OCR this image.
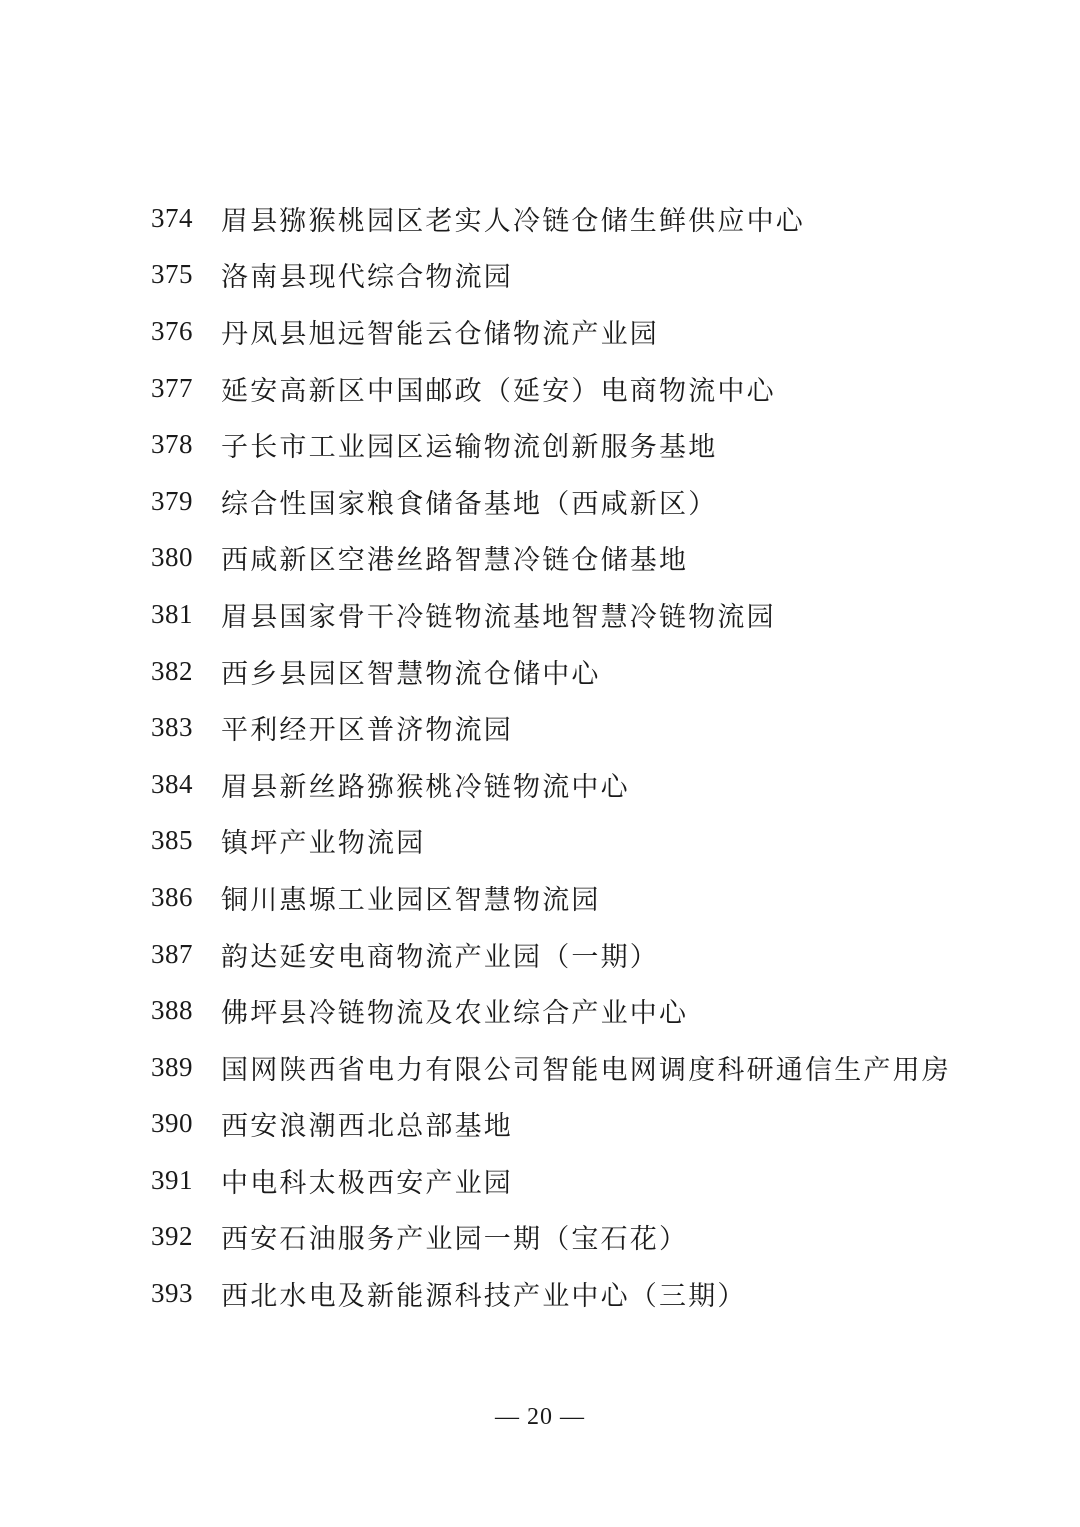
374	眉县猕猴桃园区老实人冷链仓储生鲜供应中心
375	洛南县现代综合物流园
376	丹凤县旭远智能云仓储物流产业园
377	延安高新区中国邮政（延安）电商物流中心
378	子长市工业园区运输物流创新服务基地
379	综合性国家粮食储备基地（西咸新区）
380	西咸新区空港丝路智慧冷链仓储基地
381	眉县国家骨干冷链物流基地智慧冷链物流园
382	西乡县园区智慧物流仓储中心
383	平利经开区普济物流园
384	眉县新丝路猕猴桃冷链物流中心
385	镇坪产业物流园
386	铜川惠塬工业园区智慧物流园
387	韵达延安电商物流产业园（一期）
388	佛坪县冷链物流及农业综合产业中心
389	国网陕西省电力有限公司智能电网调度科研通信生产用房
390	西安浪潮西北总部基地
391	中电科太极西安产业园
392	西安石油服务产业园一期（宝石花）
393	西北水电及新能源科技产业中心（三期）
— 20 —
